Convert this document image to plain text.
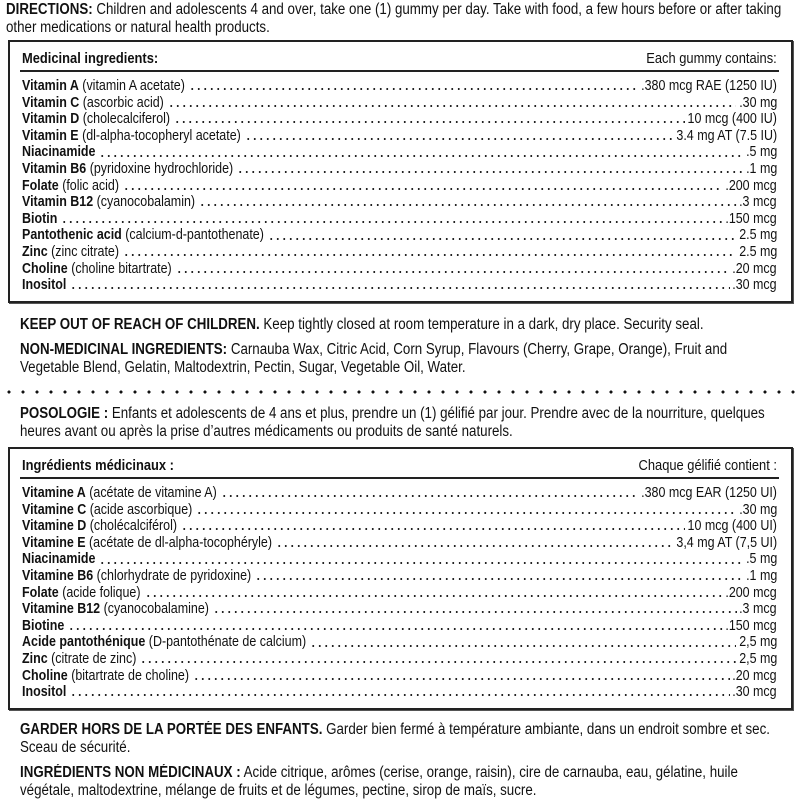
DIRECTIONS: Children and adolescents 4 and over, take one (1) gummy per day. Take with food, a few hours before or after taking other medications or natural health products.
Medicinal ingredients:	Each gummy contains:
Vitamin A (vitamin A acetate)	.380 mcg RAE (1250 IU)
Vitamin C (ascorbic acid)	.30 mg
Vitamin D (cholecalciferol)	10 mcg (400 IU)
Vitamin E (dl-alpha-tocopheryl acetate)	3.4 mg AT (7.5 IU)
Niacinamide	.5 mg
Vitamin B6 (pyridoxine hydrochloride)	.1 mg
Folate (folic acid)	.200 mcg
Vitamin B12 (cyanocobalamin)	.3 mcg
Biotin	.150 mcg
Pantothenic acid (calcium-d-pantothenate)	2.5 mg
Zinc (zinc citrate)	2.5 mg
Choline (choline bitartrate)	.20 mcg
Inositol	.30 mcg
KEEP OUT OF REACH OF CHILDREN. Keep tightly closed at room temperature in a dark, dry place. Security seal.
NON-MEDICINAL INGREDIENTS: Carnauba Wax, Citric Acid, Corn Syrup, Flavours (Cherry, Grape, Orange), Fruit and Vegetable Blend, Gelatin, Maltodextrin, Pectin, Sugar, Vegetable Oil, Water.
POSOLOGIE : Enfants et adolescents de 4 ans et plus, prendre un (1) gélifié par jour. Prendre avec de la nourriture, quelques heures avant ou après la prise d’autres médicaments ou produits de santé naturels.
Ingrédients médicinaux :	Chaque gélifié contient :
Vitamine A (acétate de vitamine A)	.380 mcg EAR (1250 UI)
Vitamine C (acide ascorbique)	.30 mg
Vitamine D (cholécalciférol)	10 mcg (400 UI)
Vitamine E (acétate de dl-alpha-tocophéryle)	3,4 mg AT (7,5 UI)
Niacinamide	.5 mg
Vitamine B6 (chlorhydrate de pyridoxine)	.1 mg
Folate (acide folique)	.200 mcg
Vitamine B12 (cyanocobalamine)	.3 mcg
Biotine	.150 mcg
Acide pantothénique (D-pantothénate de calcium)	2,5 mg
Zinc (citrate de zinc)	2,5 mg
Choline (bitartrate de choline)	.20 mcg
Inositol	.30 mcg
GARDER HORS DE LA PORTÉE DES ENFANTS. Garder bien fermé à température ambiante, dans un endroit sombre et sec. Sceau de sécurité.
INGRÉDIENTS NON MÉDICINAUX : Acide citrique, arômes (cerise, orange, raisin), cire de carnauba, eau, gélatine, huile végétale, maltodextrine, mélange de fruits et de légumes, pectine, sirop de maïs, sucre.
